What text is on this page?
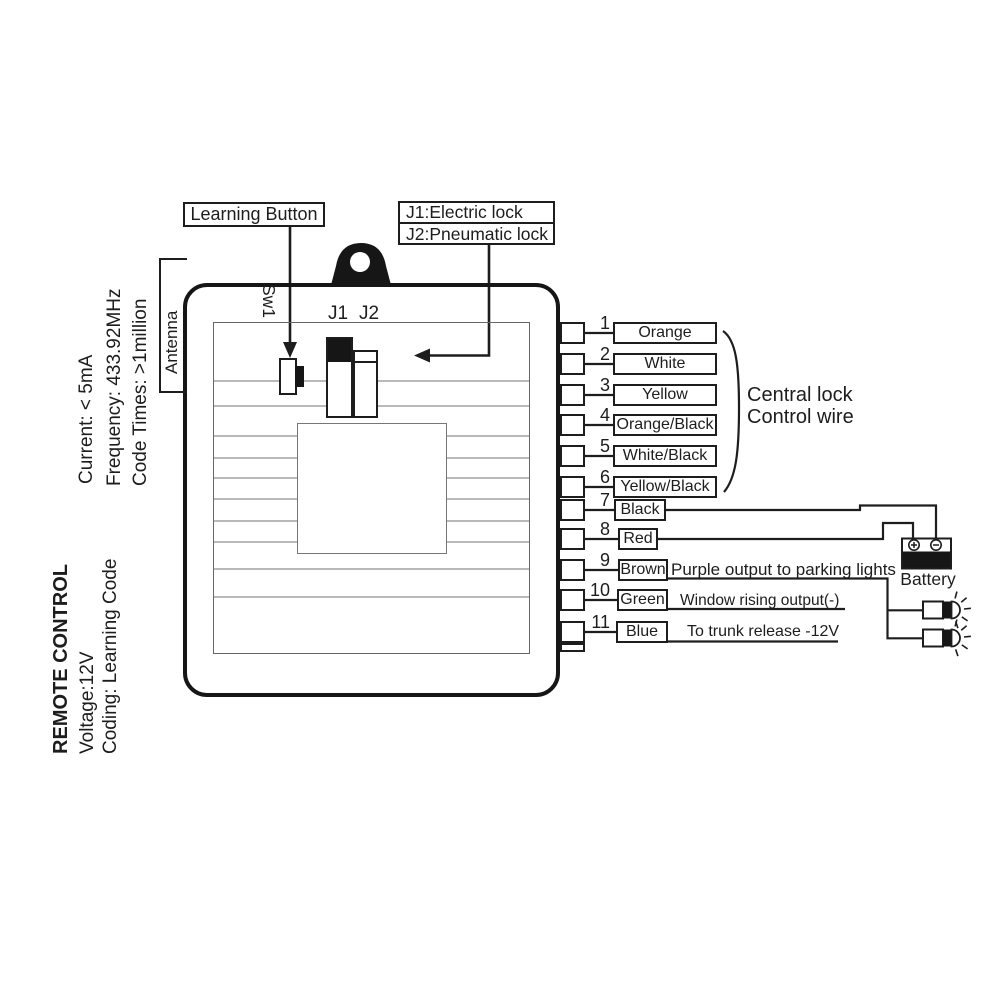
Antenna
Sw1	J1 J2
Learning Button	J1:Electric lock
J2:Pneumatic lock
1
2
3
4
5
6
7
8
9
10
11
Orange
White
Yellow
Orange/Black
White/Black
Yellow/Black
Black
Red
Brown
Green
Blue
Purple output to parking lights
Window rising output(-)
To trunk release -12V
Central lock
Control wire
Battery
Current: < 5mA Frequency: 433.92MHz Code Times: >1million
REMOTE CONTROL Voltage:12V Coding: Learning Code
